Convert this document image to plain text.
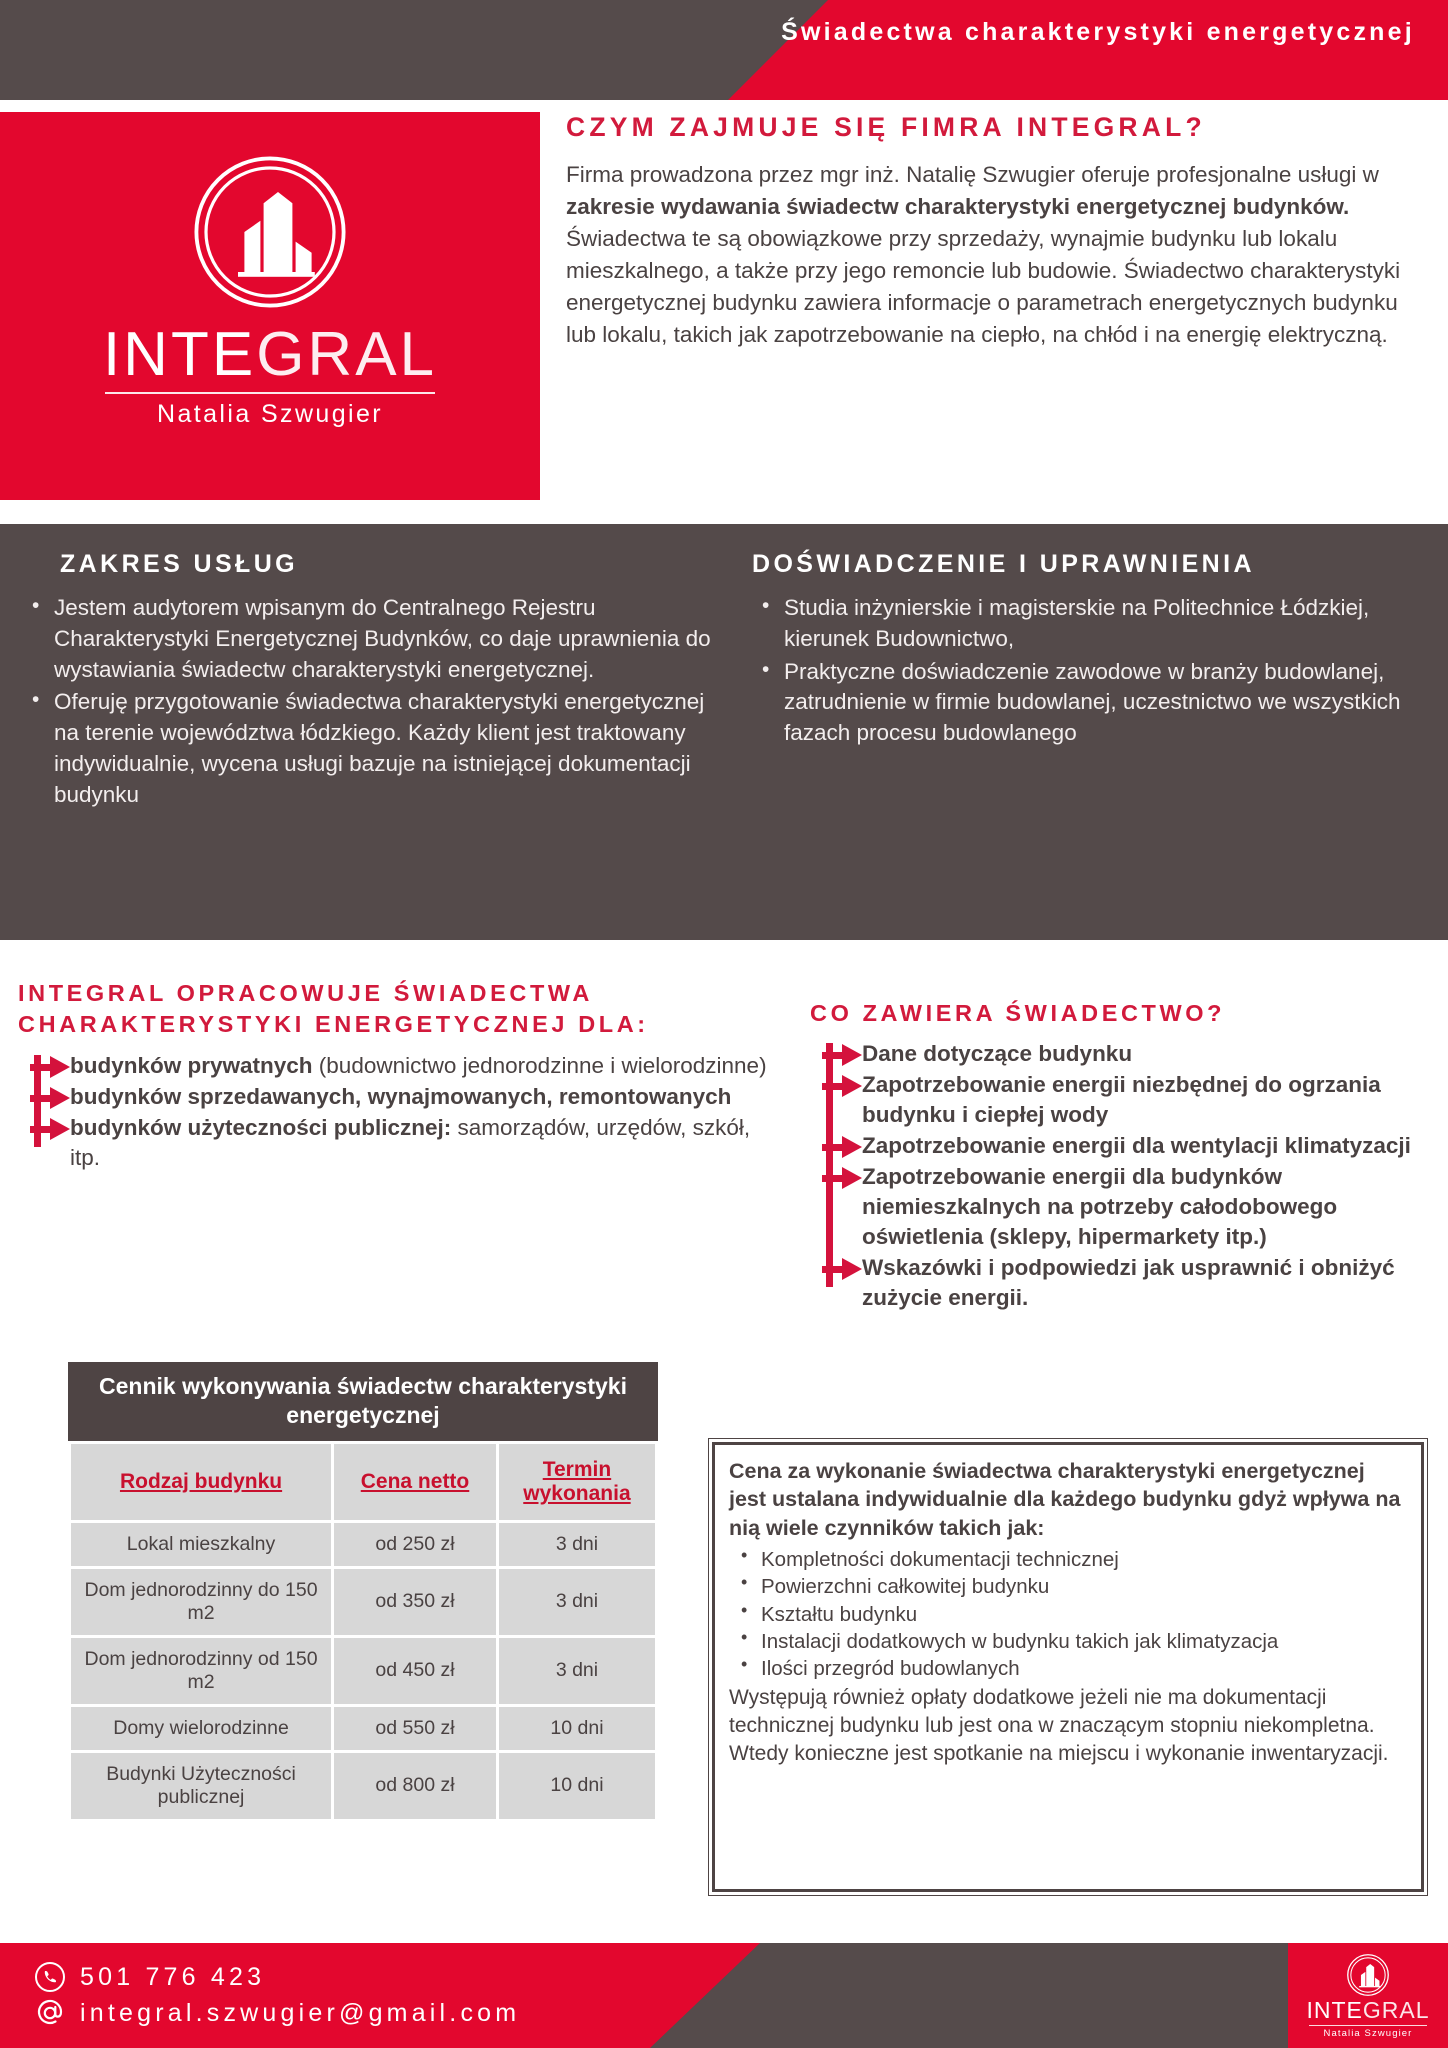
Świadectwa charakterystyki energetycznej
INTEGRAL
Natalia Szwugier
CZYM ZAJMUJE SIĘ FIMRA INTEGRAL?
Firma prowadzona przez mgr inż. Natalię Szwugier oferuje profesjonalne usługi w zakresie wydawania świadectw charakterystyki energetycznej budynków. Świadectwa te są obowiązkowe przy sprzedaży, wynajmie budynku lub lokalu mieszkalnego, a także przy jego remoncie lub budowie. Świadectwo charakterystyki energetycznej budynku zawiera informacje o parametrach energetycznych budynku lub lokalu, takich jak zapotrzebowanie na ciepło, na chłód i na energię elektryczną.
ZAKRES USŁUG
• Jestem audytorem wpisanym do Centralnego Rejestru Charakterystyki Energetycznej Budynków, co daje uprawnienia do wystawiania świadectw charakterystyki energetycznej.
• Oferuję przygotowanie świadectwa charakterystyki energetycznej na terenie województwa łódzkiego. Każdy klient jest traktowany indywidualnie, wycena usługi bazuje na istniejącej dokumentacji budynku
DOŚWIADCZENIE I UPRAWNIENIA
• Studia inżynierskie i magisterskie na Politechnice Łódzkiej, kierunek Budownictwo,
• Praktyczne doświadczenie zawodowe w branży budowlanej, zatrudnienie w firmie budowlanej, uczestnictwo we wszystkich fazach procesu budowlanego
INTEGRAL OPRACOWUJE ŚWIADECTWA CHARAKTERYSTYKI ENERGETYCZNEJ DLA:
budynków prywatnych (budownictwo jednorodzinne i wielorodzinne)
budynków sprzedawanych, wynajmowanych, remontowanych
budynków użyteczności publicznej: samorządów, urzędów, szkół, itp.
CO ZAWIERA ŚWIADECTWO?
Dane dotyczące budynku
Zapotrzebowanie energii niezbędnej do ogrzania budynku i ciepłej wody
Zapotrzebowanie energii dla wentylacji klimatyzacji
Zapotrzebowanie energii dla budynków niemieszkalnych na potrzeby całodobowego oświetlenia (sklepy, hipermarkety itp.)
Wskazówki i podpowiedzi jak usprawnić i obniżyć zużycie energii.
Cennik wykonywania świadectw charakterystyki energetycznej
Rodzaj budynku	Cena netto	Termin wykonania
Lokal mieszkalny	od 250 zł	3 dni
Dom jednorodzinny do 150 m2	od 350 zł	3 dni
Dom jednorodzinny od 150 m2	od 450 zł	3 dni
Domy wielorodzinne	od 550 zł	10 dni
Budynki Użyteczności publicznej	od 800 zł	10 dni
Cena za wykonanie świadectwa charakterystyki energetycznej jest ustalana indywidualnie dla każdego budynku gdyż wpływa na nią wiele czynników takich jak:
• Kompletności dokumentacji technicznej
• Powierzchni całkowitej budynku
• Kształtu budynku
• Instalacji dodatkowych w budynku takich jak klimatyzacja
• Ilości przegród budowlanych
Występują również opłaty dodatkowe jeżeli nie ma dokumentacji technicznej budynku lub jest ona w znaczącym stopniu niekompletna. Wtedy konieczne jest spotkanie na miejscu i wykonanie inwentaryzacji.
501 776 423
integral.szwugier@gmail.com	INTEGRAL
Natalia Szwugier
